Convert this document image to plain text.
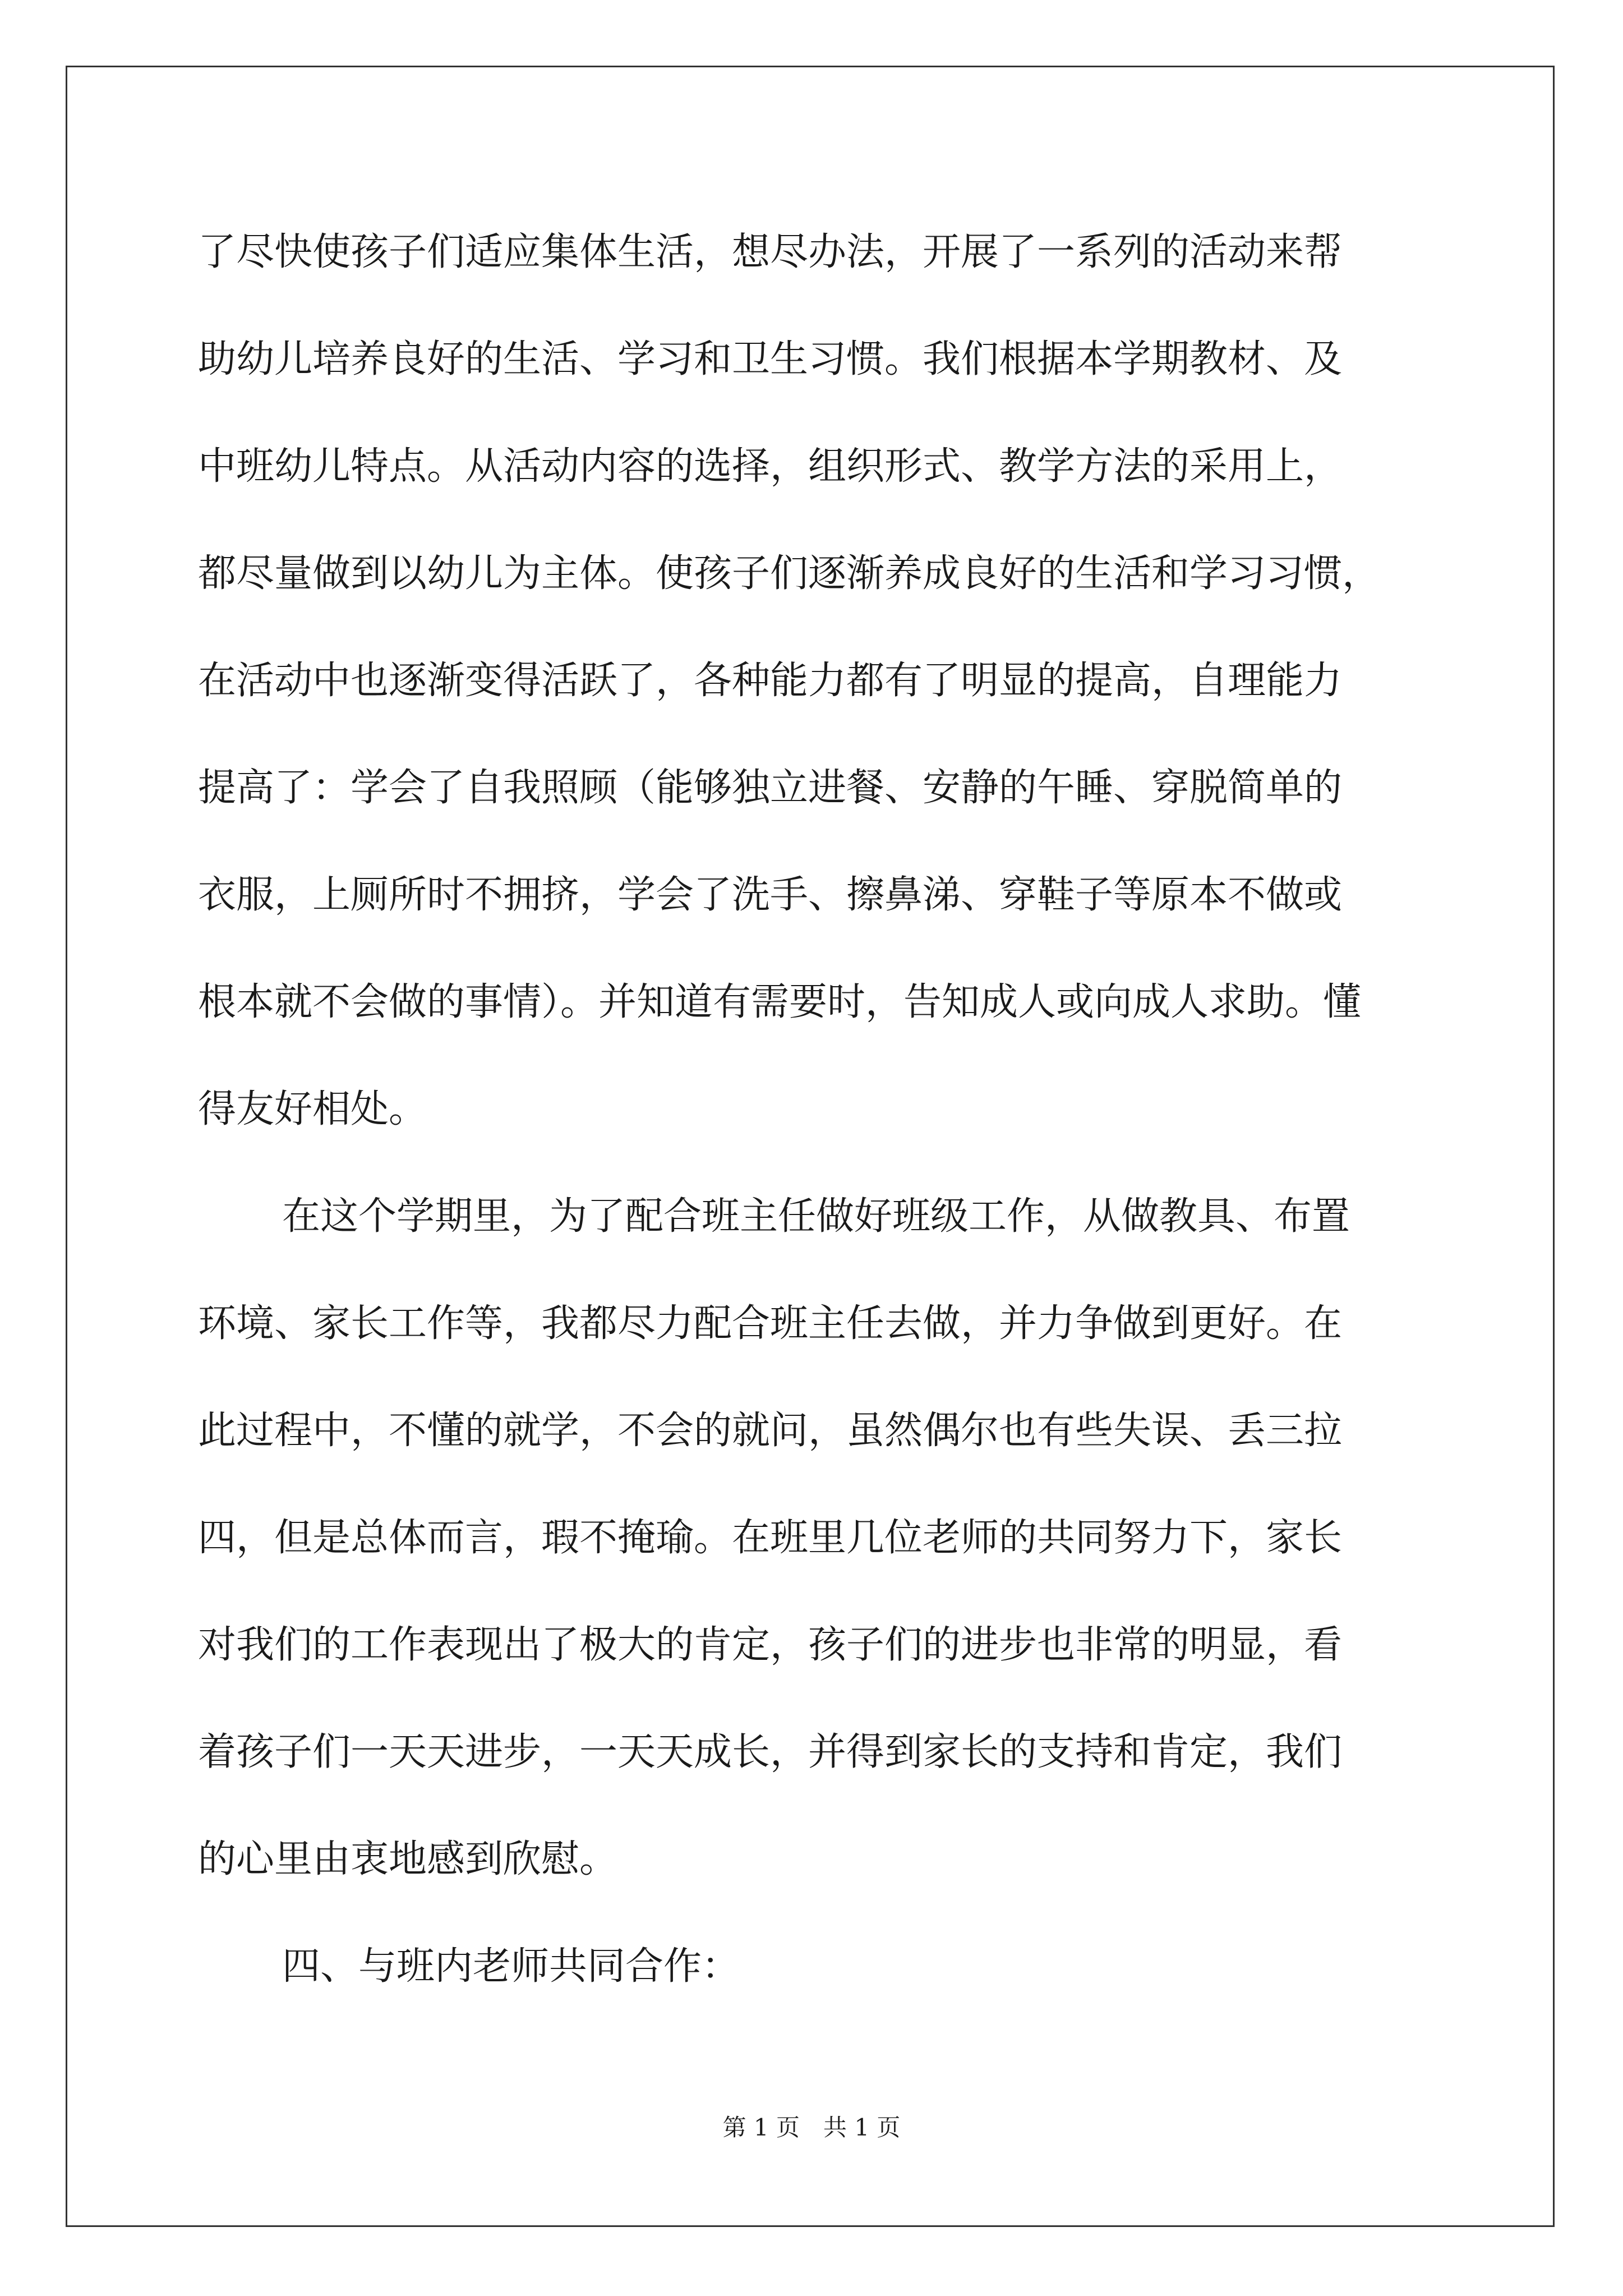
了尽快使孩子们适应集体生活，想尽办法，开展了一系列的活动来帮
助幼儿培养良好的生活、学习和卫生习惯。我们根据本学期教材、及
中班幼儿特点。从活动内容的选择，组织形式、教学方法的采用上，
都尽量做到以幼儿为主体。使孩子们逐渐养成良好的生活和学习习惯，
在活动中也逐渐变得活跃了，各种能力都有了明显的提高，自理能力
提高了：学会了自我照顾（能够独立进餐、安静的午睡、穿脱简单的
衣服，上厕所时不拥挤，学会了洗手、擦鼻涕、穿鞋子等原本不做或
根本就不会做的事情）。并知道有需要时，告知成人或向成人求助。懂
得友好相处。
在这个学期里，为了配合班主任做好班级工作，从做教具、布置
环境、家长工作等，我都尽力配合班主任去做，并力争做到更好。在
此过程中，不懂的就学，不会的就问，虽然偶尔也有些失误、丢三拉
四，但是总体而言，瑕不掩瑜。在班里几位老师的共同努力下，家长
对我们的工作表现出了极大的肯定，孩子们的进步也非常的明显，看
着孩子们一天天进步，一天天成长，并得到家长的支持和肯定，我们
的心里由衷地感到欣慰。
四、与班内老师共同合作：
第 1 页　共 1 页
